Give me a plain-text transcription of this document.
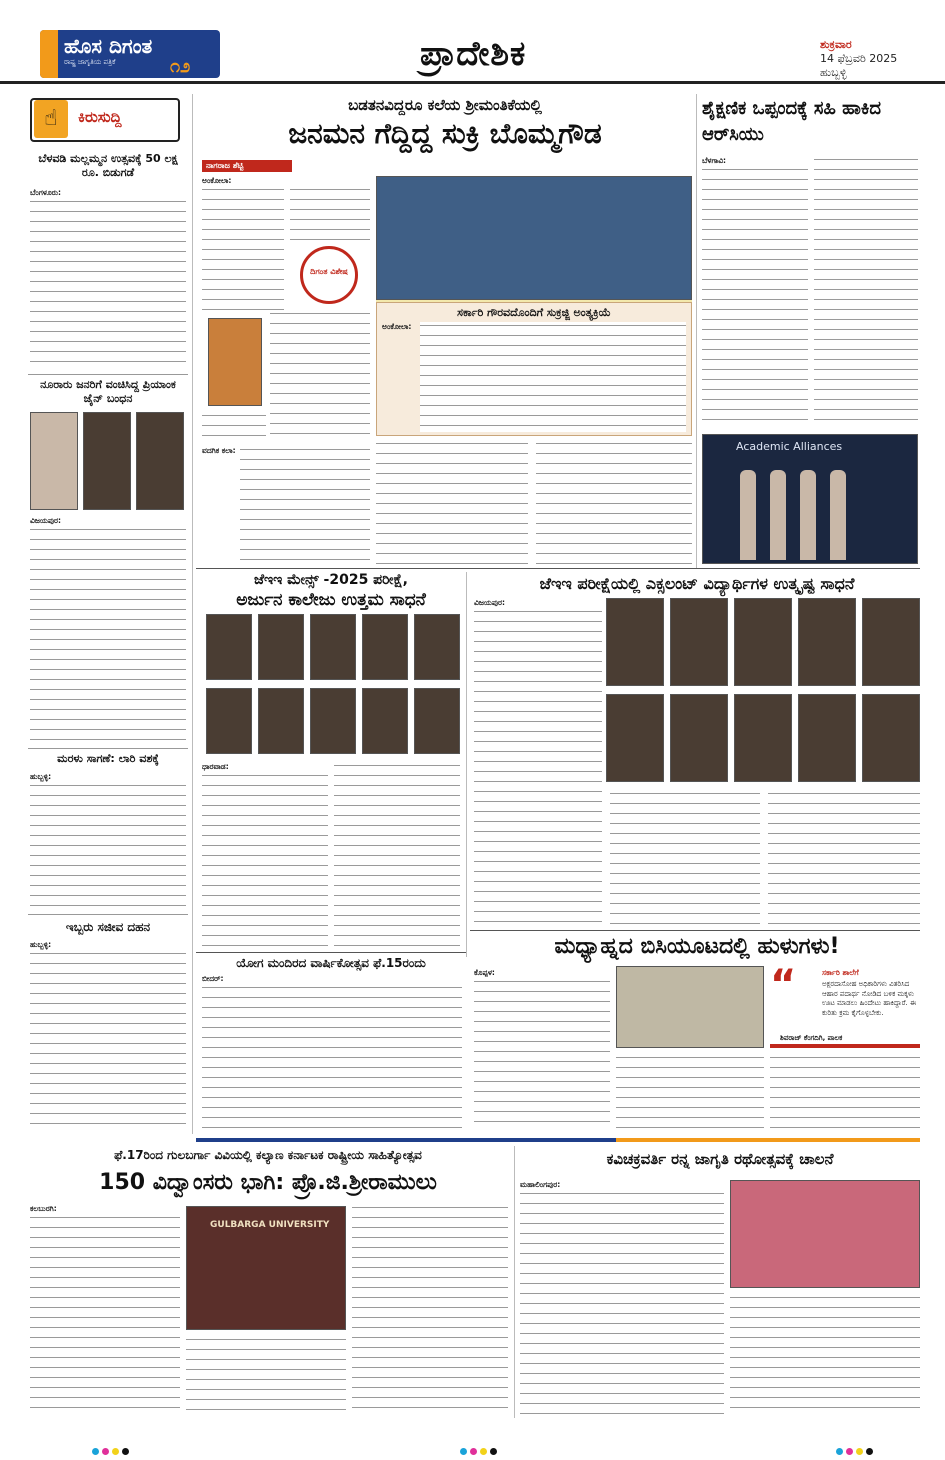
ಹೊಸ ದಿಗಂತ
ರಾಷ್ಟ್ರ ಜಾಗೃತಿಯ ಪತ್ರಿಕೆ	೧೨	ಪ್ರಾದೇಶಿಕ	ಶುಕ್ರವಾರ
14 ಫೆಬ್ರವರಿ 2025
ಹುಬ್ಬಳ್ಳಿ
☝	ಕಿರುಸುದ್ದಿ
ಬೆಳವಡಿ ಮಲ್ಲಮ್ಮನ ಉತ್ಸವಕ್ಕೆ 50 ಲಕ್ಷ ರೂ. ಬಿಡುಗಡೆ
ಬೆಂಗಳೂರು:
ನೂರಾರು ಜನರಿಗೆ ವಂಚಿಸಿದ್ದ ಪ್ರಿಯಾಂಕ ಜೈನ್ ಬಂಧನ
ವಿಜಯಪುರ:
ಮರಳು ಸಾಗಣೆ: ಲಾರಿ ವಶಕ್ಕೆ
ಹುಬ್ಬಳ್ಳಿ:
ಇಬ್ಬರು ಸಜೀವ ದಹನ
ಹುಬ್ಬಳ್ಳಿ:
ಬಡತನವಿದ್ದರೂ ಕಲೆಯ ಶ್ರೀಮಂತಿಕೆಯಲ್ಲಿ
ಜನಮನ ಗೆದ್ದಿದ್ದ ಸುಕ್ರಿ ಬೊಮ್ಮಗೌಡ
ನಾಗರಾಜ ಶೆಟ್ಟಿ
ಅಂಕೋಲಾ:
ದಿಗಂತ ವಿಶೇಷ
ವದಗಿಕ ಕಲಾ:
ಸರ್ಕಾರಿ ಗೌರವದೊಂದಿಗೆ ಸುಕ್ರಜ್ಜಿ ಅಂತ್ಯಕ್ರಿಯೆ
ಅಂಕೋಲಾ:
ಶೈಕ್ಷಣಿಕ ಒಪ್ಪಂದಕ್ಕೆ ಸಹಿ ಹಾಕಿದ ಆರ್‌ಸಿಯು
ಬೆಳಗಾವಿ:
Academic Alliances
ಜೆಇಇ ಮೇನ್ಸ್ -2025 ಪರೀಕ್ಷೆ,
ಅರ್ಜುನ ಕಾಲೇಜು ಉತ್ತಮ ಸಾಧನೆ
ಧಾರವಾಡ:
ಜೆಇಇ ಪರೀಕ್ಷೆಯಲ್ಲಿ ಎಕ್ಸಲಂಟ್ ವಿದ್ಯಾರ್ಥಿಗಳ ಉತ್ಕೃಷ್ಟ ಸಾಧನೆ
ವಿಜಯಪುರ:
ಯೋಗ ಮಂದಿರದ ವಾರ್ಷಿಕೋತ್ಸವ ಫೆ.15ರಂದು
ಬೀದರ್:
ಮಧ್ಯಾಹ್ನದ ಬಿಸಿಯೂಟದಲ್ಲಿ ಹುಳುಗಳು!
ಕೊಪ್ಪಳ:	“	ಸರ್ಕಾರಿ ಶಾಲೆಗೆ
ಅಕ್ಷರದಾಸೋಹ ಅಧಿಕಾರಿಗಳು ವಿತರಿಸಿದ ಆಹಾರ ಪದಾರ್ಥ ನೋಡಿದ ಬಳಿಕ ಮಕ್ಕಳು ಊಟ ಮಾಡಲು ಹಿಂದೇಟು ಹಾಕಿದ್ದಾರೆ. ಈ ಕುರಿತು ಕ್ರಮ ಕೈಗೊಳ್ಳಬೇಕು.
ಶಿವರಾಜ್ ಕೆಂಗದಿಗಿ, ಪಾಲಕ
ಫೆ.17ರಿಂದ ಗುಲಬರ್ಗಾ ವಿವಿಯಲ್ಲಿ ಕಲ್ಯಾಣ ಕರ್ನಾಟಕ ರಾಷ್ಟ್ರೀಯ ಸಾಹಿತ್ಯೋತ್ಸವ
150 ವಿದ್ವಾಂಸರು ಭಾಗಿ: ಪ್ರೊ.ಜಿ.ಶ್ರೀರಾಮುಲು
ಕಲಬುರಗಿ:
GULBARGA UNIVERSITY
ಕವಿಚಕ್ರವರ್ತಿ ರನ್ನ ಜಾಗೃತಿ ರಥೋತ್ಸವಕ್ಕೆ ಚಾಲನೆ
ಮಹಾಲಿಂಗಪುರ:
